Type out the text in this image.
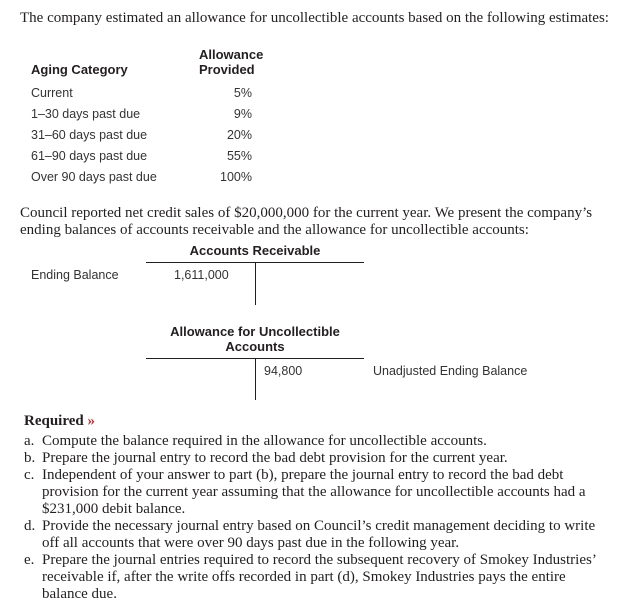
The company estimated an allowance for uncollectible accounts based on the following estimates:
Allowance
Aging Category	Provided
Current	5%
1–30 days past due	9%
31–60 days past due	20%
61–90 days past due	55%
Over 90 days past due	100%
Council reported net credit sales of $20,000,000 for the current year. We present the company’s ending balances of accounts receivable and the allowance for uncollectible accounts:
Accounts Receivable
Ending Balance	1,611,000
Allowance for Uncollectible
Accounts
94,800	Unadjusted Ending Balance
Required »
a. Compute the balance required in the allowance for uncollectible accounts.
b. Prepare the journal entry to record the bad debt provision for the current year.
c. Independent of your answer to part (b), prepare the journal entry to record the bad debt provision for the current year assuming that the allowance for uncollectible accounts had a $231,000 debit balance.
d. Provide the necessary journal entry based on Council’s credit management deciding to write off all accounts that were over 90 days past due in the following year.
e. Prepare the journal entries required to record the subsequent recovery of Smokey Industries’ receivable if, after the write offs recorded in part (d), Smokey Industries pays the entire balance due.
